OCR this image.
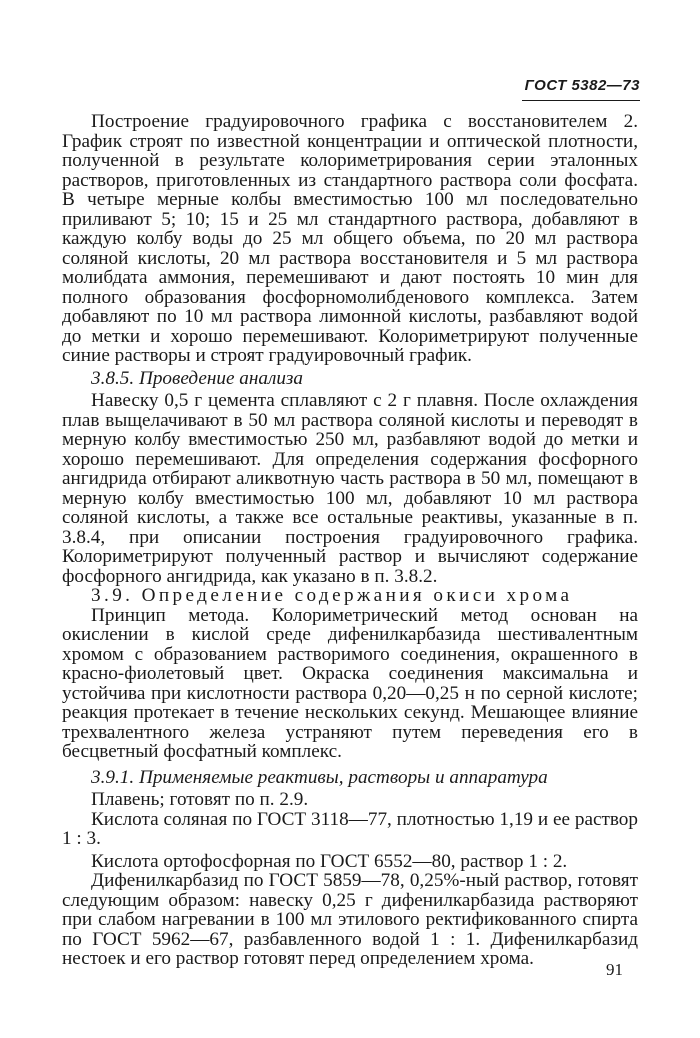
ГОСТ 5382—73

Построение градуировочного графика с восстановителем 2. График строят по известной концентрации и оптической плотности, полученной в результате колориметрирования серии эталонных растворов, приготовленных из стандартного раствора соли фосфата. В четыре мерные колбы вместимостью 100 мл последовательно приливают 5; 10; 15 и 25 мл стандартного раствора, добавляют в каждую колбу воды до 25 мл общего объема, по 20 мл раствора соляной кислоты, 20 мл раствора восстановителя и 5 мл раствора молибдата аммония, перемешивают и дают постоять 10 мин для полного образования фосфорномолибденового комплекса. Затем добавляют по 10 мл раствора лимонной кислоты, разбавляют водой до метки и хорошо перемешивают. Колориметрируют полученные синие растворы и строят градуировочный график.

3.8.5. Проведение анализа

Навеску 0,5 г цемента сплавляют с 2 г плавня. После охлаждения плав выщелачивают в 50 мл раствора соляной кислоты и переводят в мерную колбу вместимостью 250 мл, разбавляют водой до метки и хорошо перемешивают. Для определения содержания фосфорного ангидрида отбирают аликвотную часть раствора в 50 мл, помещают в мерную колбу вместимостью 100 мл, добавляют 10 мл раствора соляной кислоты, а также все остальные реактивы, указанные в п. 3.8.4, при описании построения градуировочного графика. Колориметрируют полученный раствор и вычисляют содержание фосфорного ангидрида, как указано в п. 3.8.2.

3.9. Определение содержания окиси хрома

Принцип метода. Колориметрический метод основан на окислении в кислой среде дифенилкарбазида шестивалентным хромом с образованием растворимого соединения, окрашенного в красно-фиолетовый цвет. Окраска соединения максимальна и устойчива при кислотности раствора 0,20—0,25 н по серной кислоте; реакция протекает в течение нескольких секунд. Мешающее влияние трехвалентного железа устраняют путем переведения его в бесцветный фосфатный комплекс.

3.9.1. Применяемые реактивы, растворы и аппаратура

Плавень; готовят по п. 2.9.

Кислота соляная по ГОСТ 3118—77, плотностью 1,19 и ее раствор 1 : 3.

Кислота ортофосфорная по ГОСТ 6552—80, раствор 1 : 2.

Дифенилкарбазид по ГОСТ 5859—78, 0,25%-ный раствор, готовят следующим образом: навеску 0,25 г дифенилкарбазида растворяют при слабом нагревании в 100 мл этилового ректификованного спирта по ГОСТ 5962—67, разбавленного водой 1 : 1. Дифенилкарбазид нестоек и его раствор готовят перед определением хрома.

91
